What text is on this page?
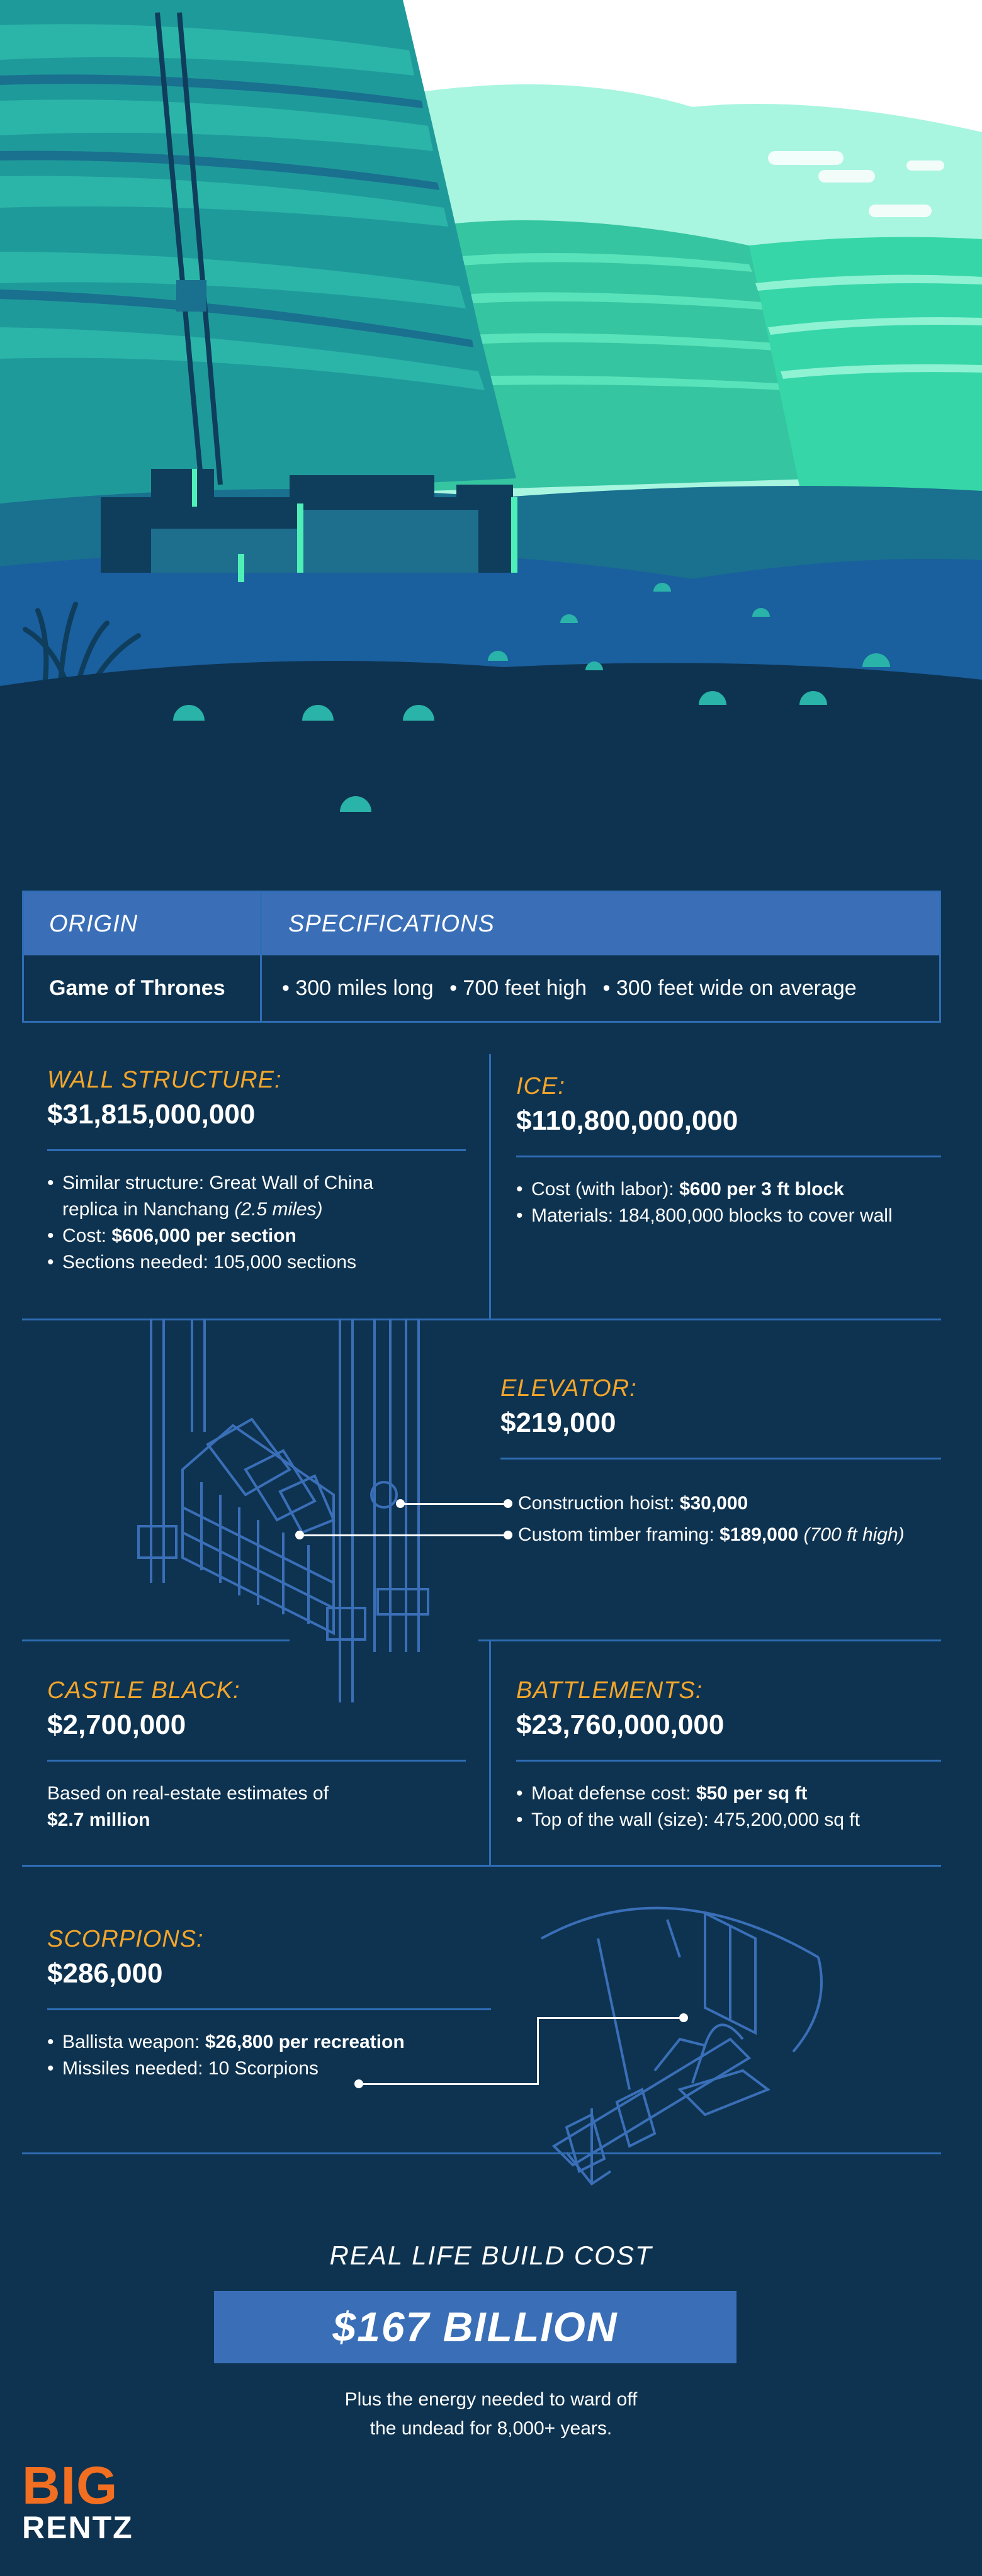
ORIGIN	SPECIFICATIONS
Game of Thrones	• 300 miles long • 700 feet high • 300 feet wide on average
WALL STRUCTURE:
$31,815,000,000
• Similar structure: Great Wall of China
replica in Nanchang (2.5 miles)
• Cost: $606,000 per section
• Sections needed: 105,000 sections
ICE:
$110,800,000,000
• Cost (with labor): $600 per 3 ft block
• Materials: 184,800,000 blocks to cover wall
ELEVATOR:
$219,000
Construction hoist: $30,000
Custom timber framing: $189,000 (700 ft high)
CASTLE BLACK:
$2,700,000
Based on real-estate estimates of
$2.7 million
BATTLEMENTS:
$23,760,000,000
• Moat defense cost: $50 per sq ft
• Top of the wall (size): 475,200,000 sq ft
SCORPIONS:
$286,000
• Ballista weapon: $26,800 per recreation
• Missiles needed: 10 Scorpions
REAL LIFE BUILD COST
$167 BILLION
Plus the energy needed to ward off
the undead for 8,000+ years.
BIG
RENTZ
